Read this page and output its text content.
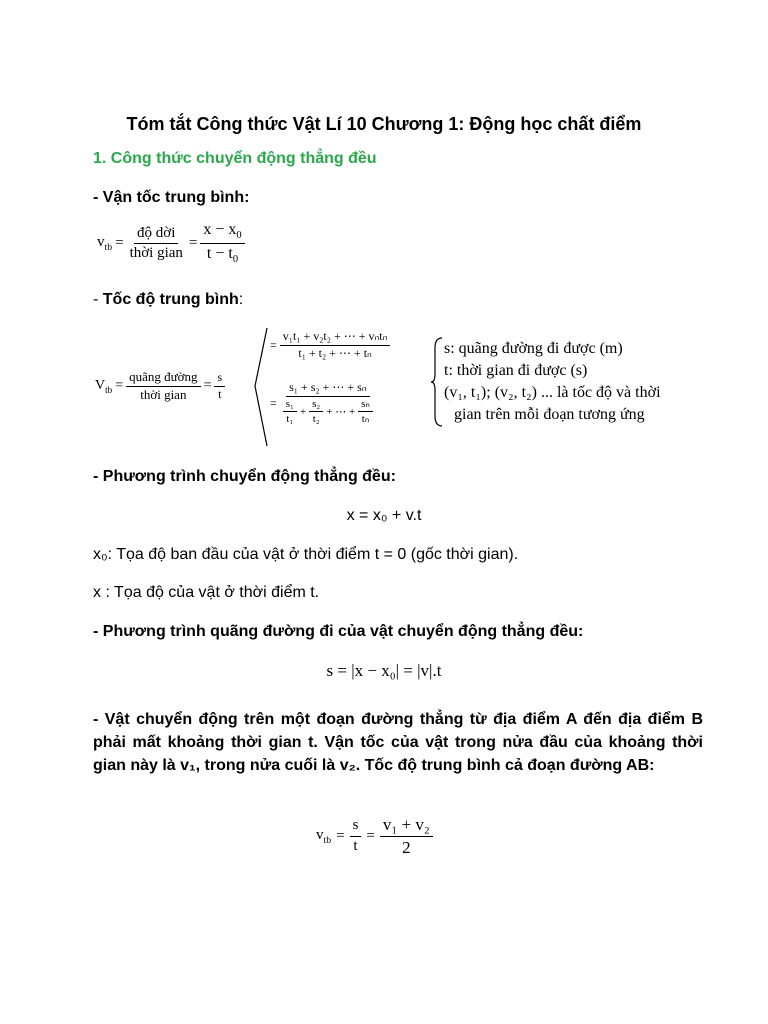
Tóm tắt Công thức Vật Lí 10 Chương 1: Động học chất điểm
1. Công thức chuyển động thẳng đều
- Vận tốc trung bình:
$v_{tb} = \frac{\text{độ dời}}{\text{thời gian}} = \frac{x - x_0}{t - t_0}$
- Tốc độ trung bình:
$V_{tb} = \frac{\text{quãng đường}}{\text{thời gian}} = \frac{s}{t}$
= $\frac{\text{v₁t₁ + v₂t₂ + ⋯ + vₙtₙ}}{\text{t₁ + t₂ + ⋯ + tₙ}}$
= $\frac{\text{s₁ + s₂ + ⋯ + sₙ}}{\frac{\text{s₁}}{\text{t₁}} + \frac{\text{s₂}}{\text{t₂}} + \cdots + \frac{\text{sₙ}}{\text{tₙ}}}$
s: quãng đường đi được (m)
t: thời gian đi được (s)
(v₁, t₁); (v₂, t₂) ... là tốc độ và thời
gian trên mỗi đoạn tương ứng
- Phương trình chuyển động thẳng đều:
x = x₀ + v.t
x₀: Tọa độ ban đầu của vật ở thời điểm t = 0 (gốc thời gian).
x : Tọa độ của vật ở thời điểm t.
- Phương trình quãng đường đi của vật chuyển động thẳng đều:
s = |x − x₀| = |v|.t
- Vật chuyển động trên một đoạn đường thẳng từ địa điểm A đến địa điểm B phải mất khoảng thời gian t. Vận tốc của vật trong nửa đầu của khoảng thời gian này là v₁, trong nửa cuối là v₂. Tốc độ trung bình cả đoạn đường AB:
$v_{tb} = \frac{s}{t} = \frac{\text{v₁ + v₂}}{2}$
